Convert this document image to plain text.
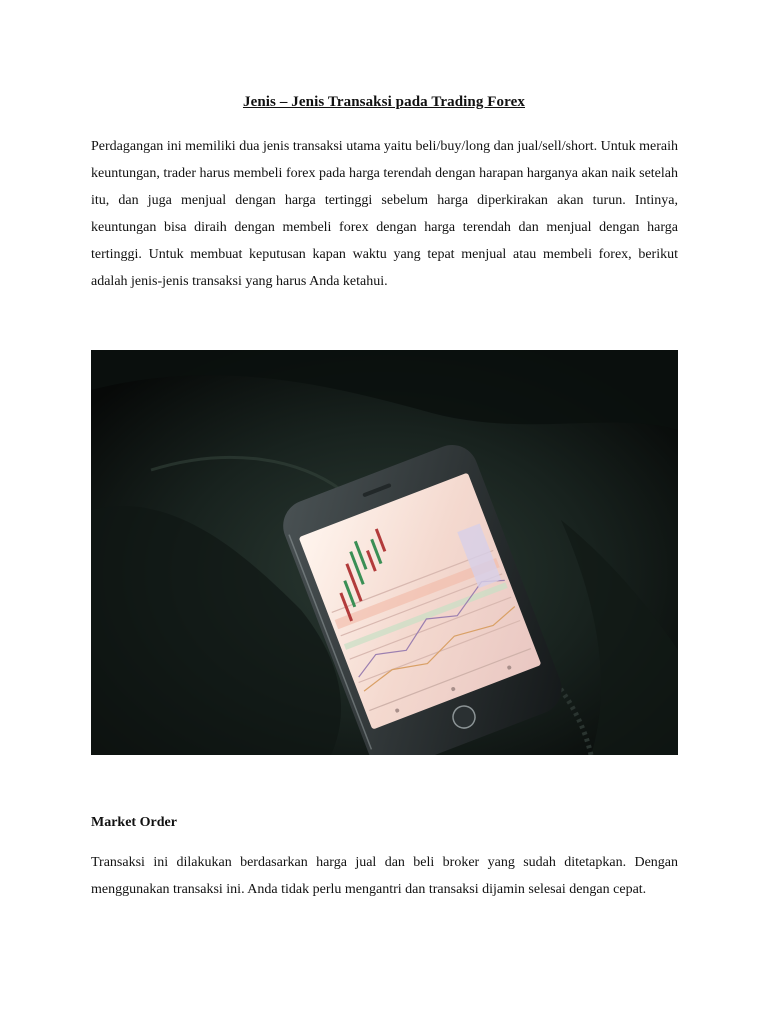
Jenis – Jenis Transaksi pada Trading Forex

Perdagangan ini memiliki dua jenis transaksi utama yaitu beli/buy/long dan jual/sell/short. Untuk meraih keuntungan, trader harus membeli forex pada harga terendah dengan harapan harganya akan naik setelah itu, dan juga menjual dengan harga tertinggi sebelum harga diperkirakan akan turun. Intinya, keuntungan bisa diraih dengan membeli forex dengan harga terendah dan menjual dengan harga tertinggi. Untuk membuat keputusan kapan waktu yang tepat menjual atau membeli forex, berikut adalah jenis-jenis transaksi yang harus Anda ketahui.

Market Order

Transaksi ini dilakukan berdasarkan harga jual dan beli broker yang sudah ditetapkan. Dengan menggunakan transaksi ini. Anda tidak perlu mengantri dan transaksi dijamin selesai dengan cepat.
